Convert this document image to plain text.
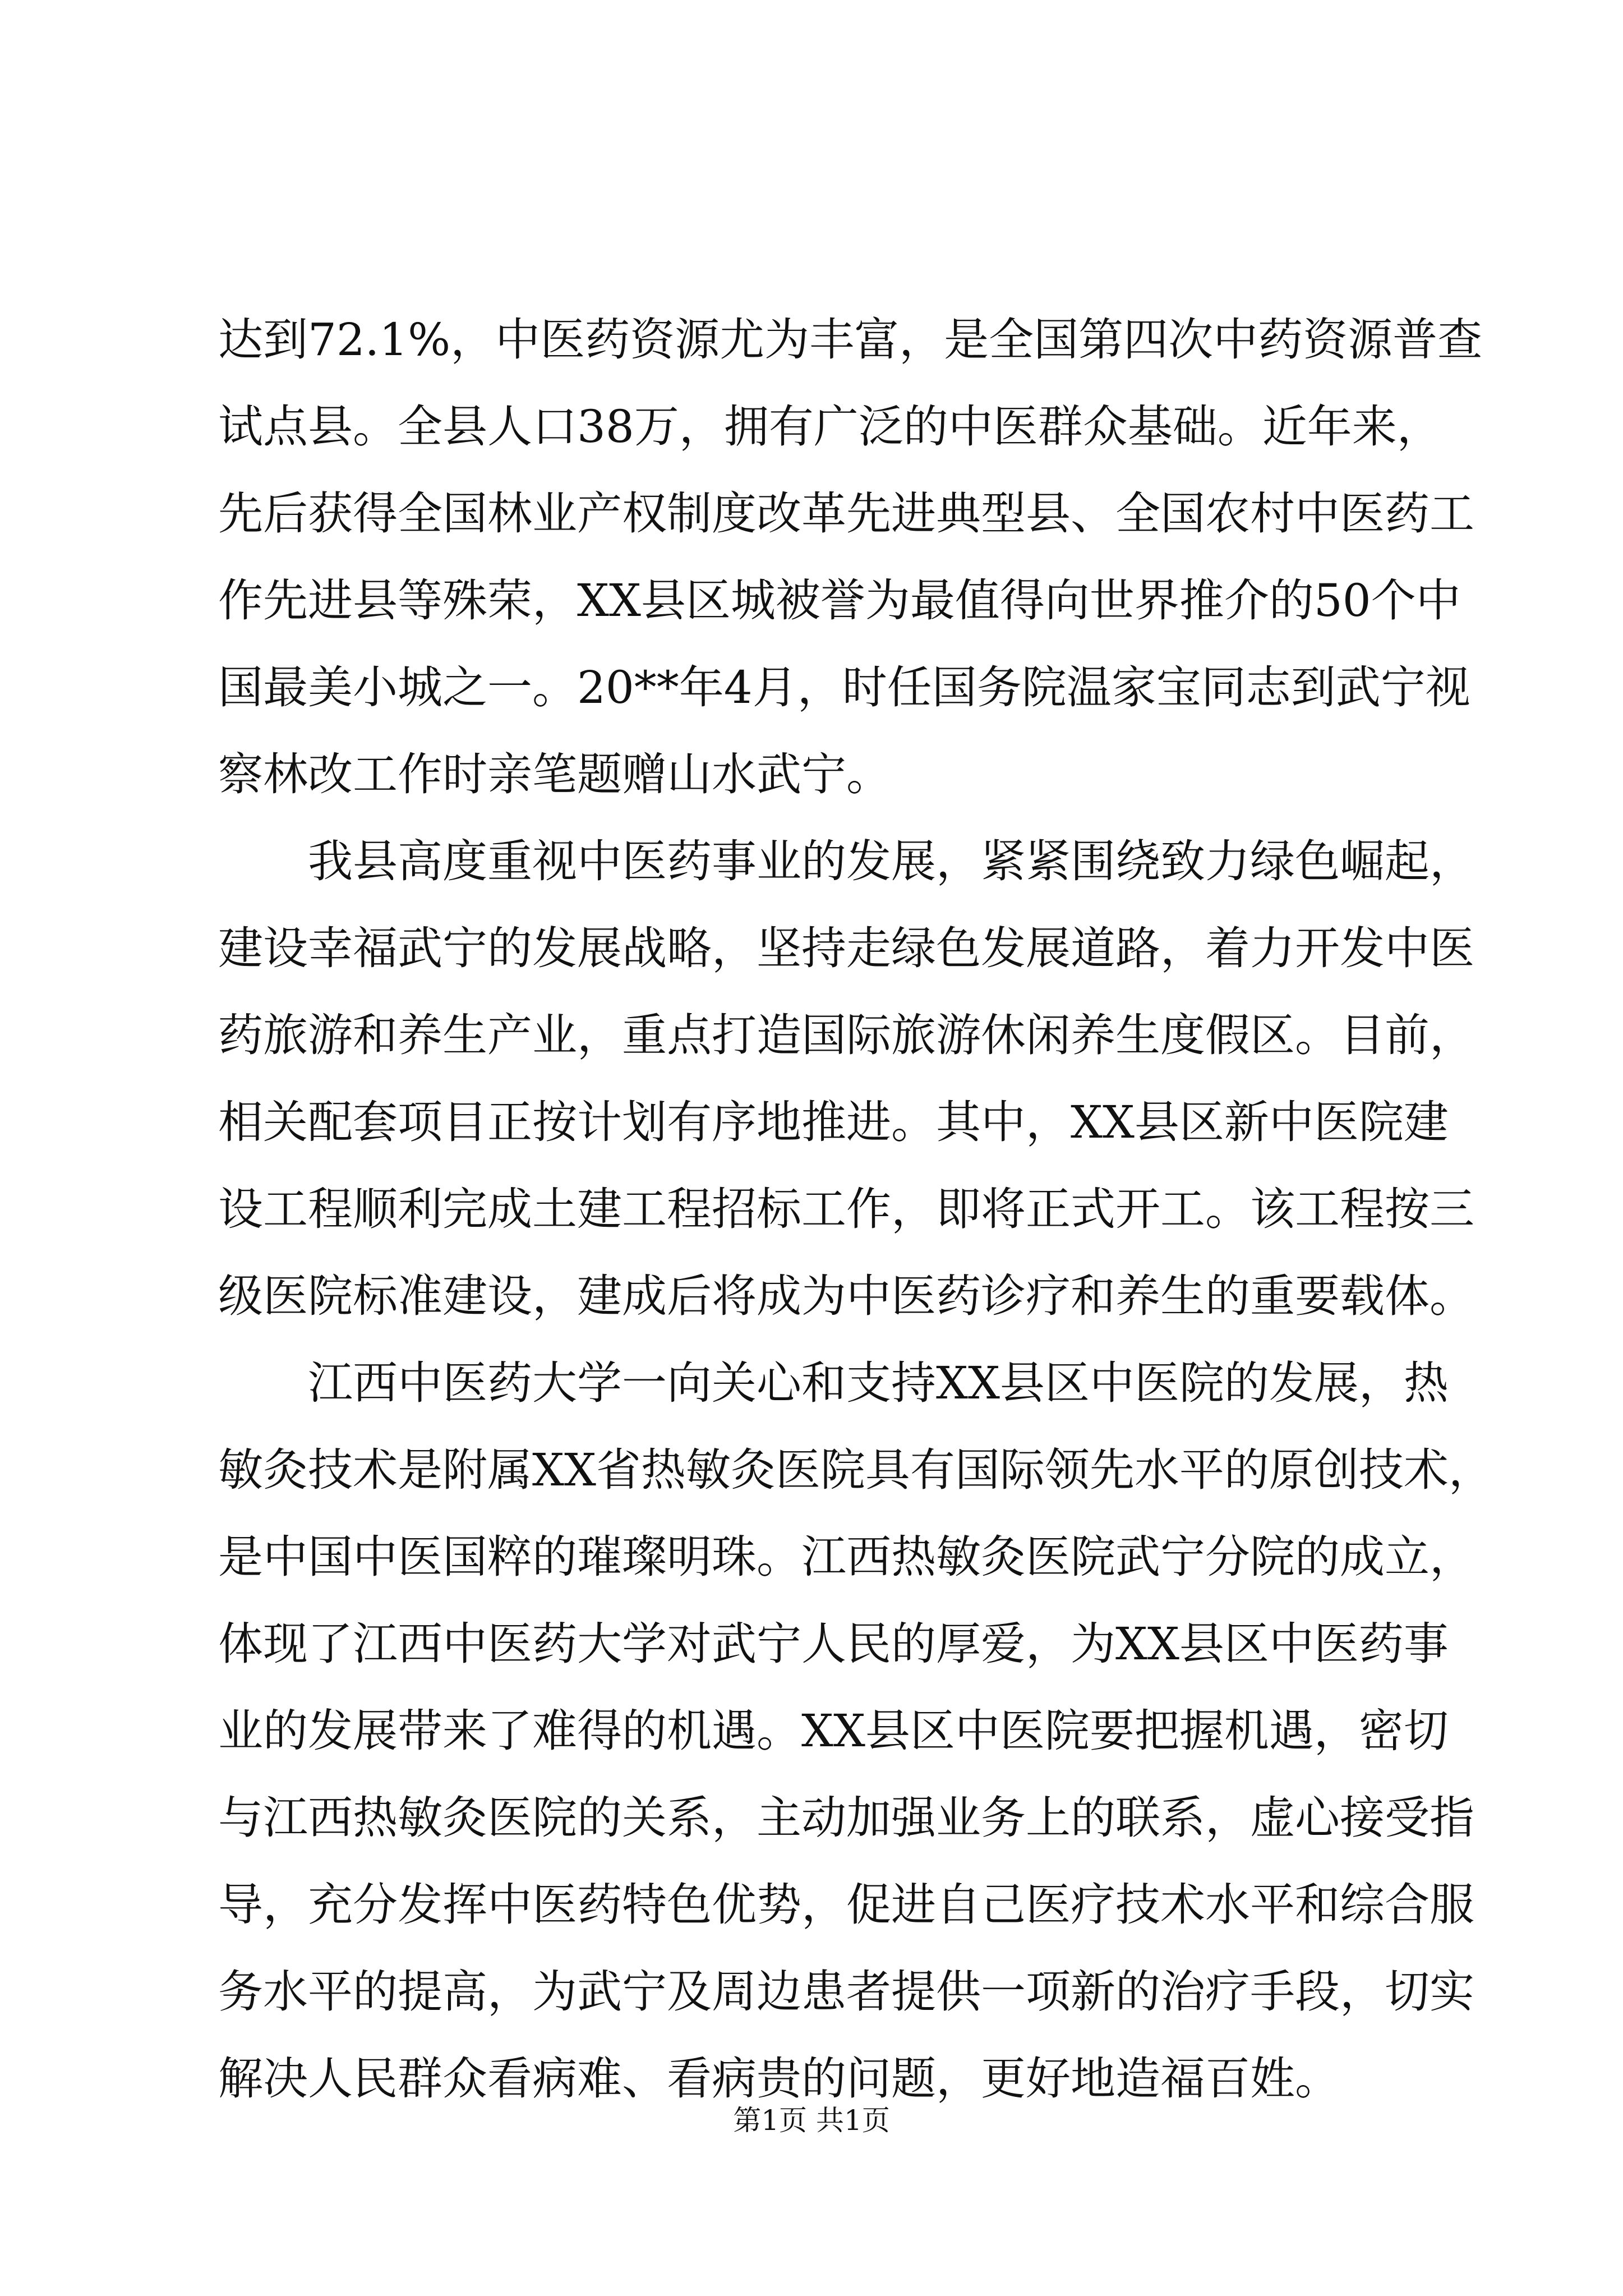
达到72.1%，中医药资源尤为丰富，是全国第四次中药资源普查
试点县。全县人口38万，拥有广泛的中医群众基础。近年来，
先后获得全国林业产权制度改革先进典型县、全国农村中医药工
作先进县等殊荣，XX县区城被誉为最值得向世界推介的50个中
国最美小城之一。20**年4月，时任国务院温家宝同志到武宁视
察林改工作时亲笔题赠山水武宁。
我县高度重视中医药事业的发展，紧紧围绕致力绿色崛起，
建设幸福武宁的发展战略，坚持走绿色发展道路，着力开发中医
药旅游和养生产业，重点打造国际旅游休闲养生度假区。目前，
相关配套项目正按计划有序地推进。其中，XX县区新中医院建
设工程顺利完成土建工程招标工作，即将正式开工。该工程按三
级医院标准建设，建成后将成为中医药诊疗和养生的重要载体。
江西中医药大学一向关心和支持XX县区中医院的发展，热
敏灸技术是附属XX省热敏灸医院具有国际领先水平的原创技术，
是中国中医国粹的璀璨明珠。江西热敏灸医院武宁分院的成立，
体现了江西中医药大学对武宁人民的厚爱，为XX县区中医药事
业的发展带来了难得的机遇。XX县区中医院要把握机遇，密切
与江西热敏灸医院的关系，主动加强业务上的联系，虚心接受指
导，充分发挥中医药特色优势，促进自己医疗技术水平和综合服
务水平的提高，为武宁及周边患者提供一项新的治疗手段，切实
解决人民群众看病难、看病贵的问题，更好地造福百姓。
第1页 共1页
